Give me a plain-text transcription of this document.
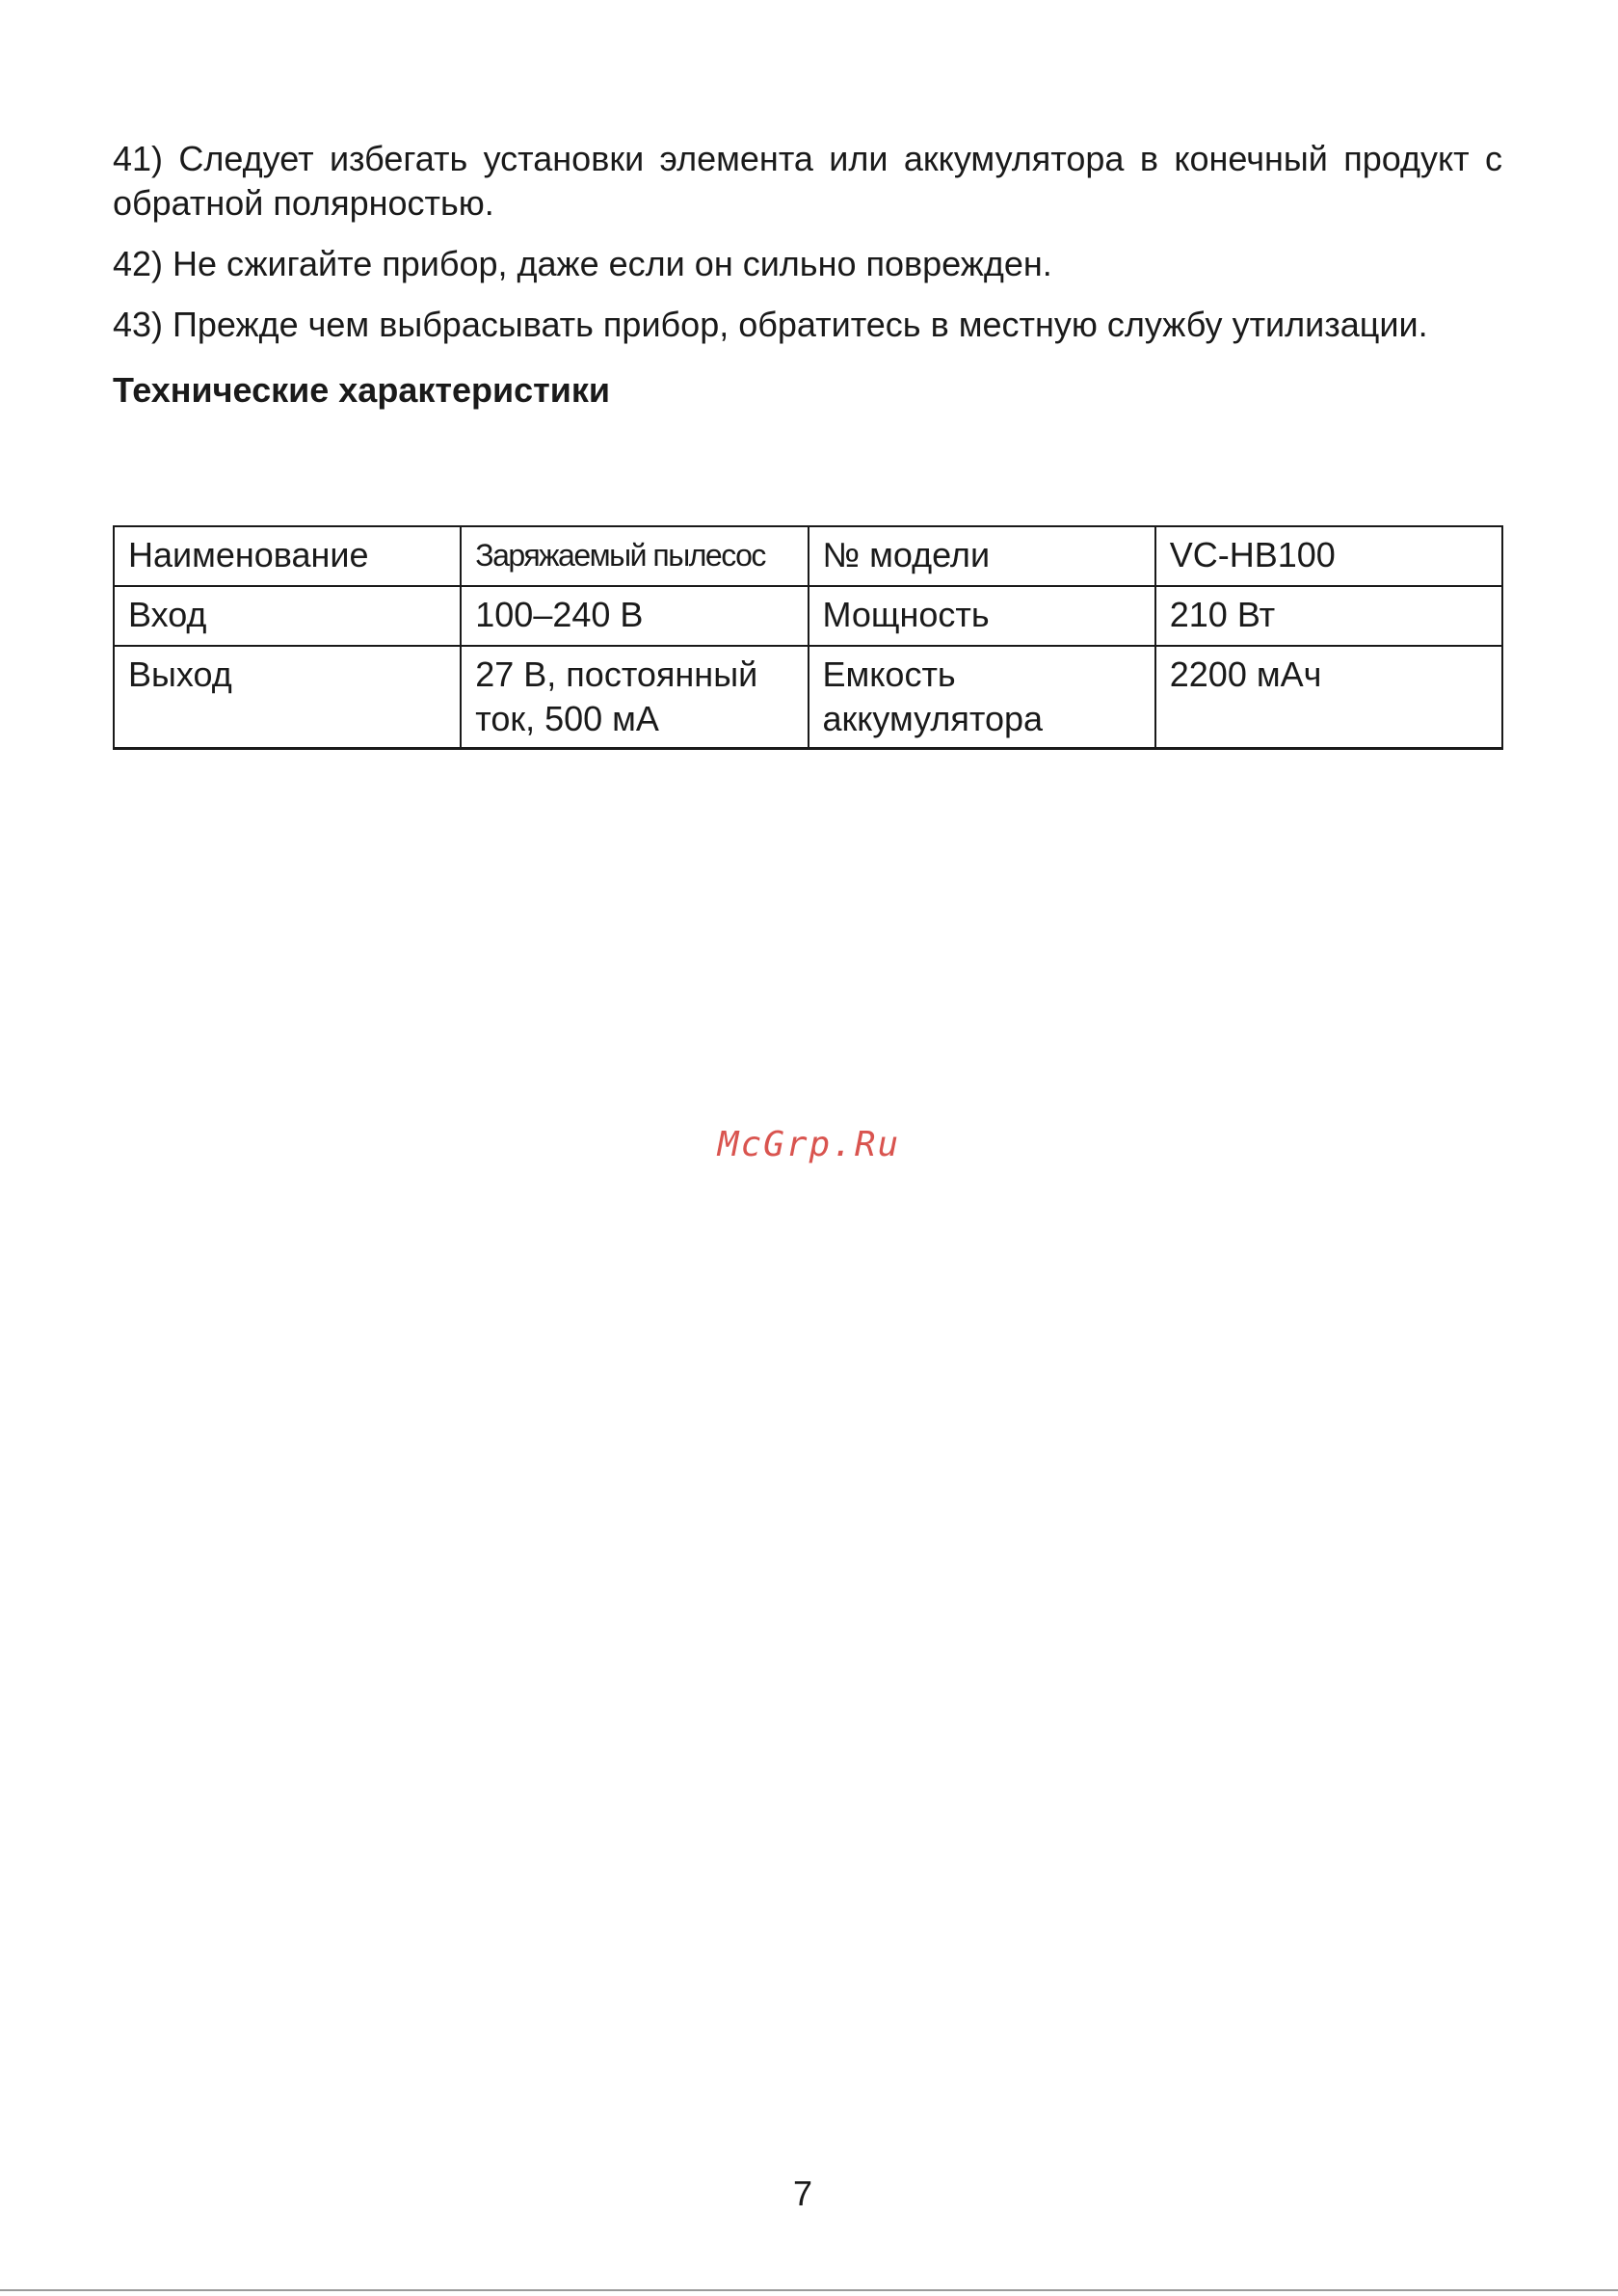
41) Следует избегать установки элемента или аккумулятора в конечный продукт с обратной полярностью.

42) Не сжигайте прибор, даже если он сильно поврежден.

43) Прежде чем выбрасывать прибор, обратитесь в местную службу утилизации.

Технические характеристики
Наименование	Заряжаемый пылесос	№ модели	VC-HB100
Вход	100–240 В	Мощность	210 Вт
Выход	27 В, постоянный ток, 500 мА	Емкость аккумулятора	2200 мАч
McGrp.Ru
7
